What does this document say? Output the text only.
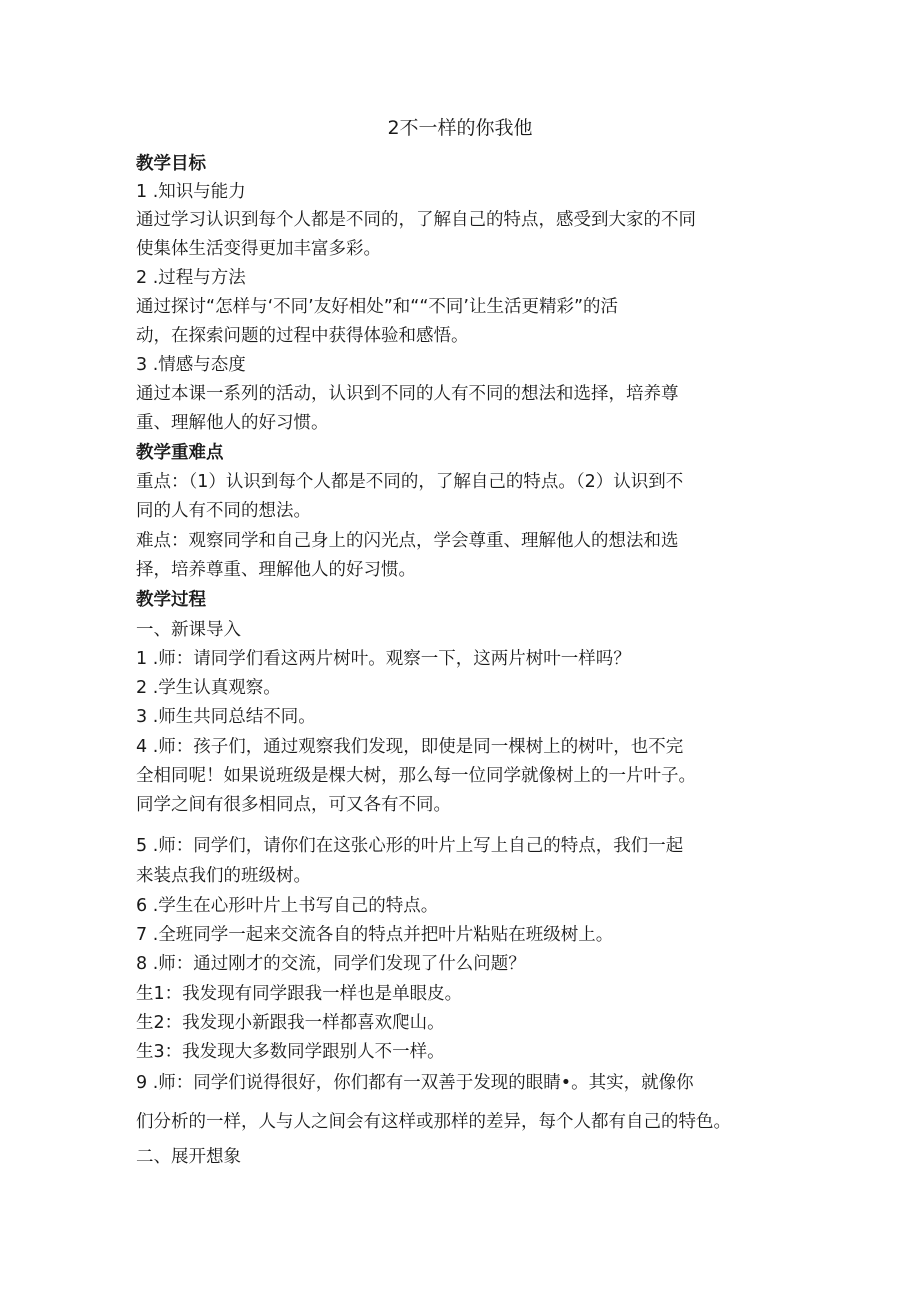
2不一样的你我他
教学目标
1 .知识与能力
通过学习认识到每个人都是不同的，了解自己的特点，感受到大家的不同
使集体生活变得更加丰富多彩。
2 .过程与方法
通过探讨“怎样与‘不同’友好相处”和““不同’让生活更精彩”的活
动，在探索问题的过程中获得体验和感悟。
3 .情感与态度
通过本课一系列的活动，认识到不同的人有不同的想法和选择，培养尊
重、理解他人的好习惯。
教学重难点
重点：（1）认识到每个人都是不同的，了解自己的特点。（2）认识到不
同的人有不同的想法。
难点：观察同学和自己身上的闪光点，学会尊重、理解他人的想法和选
择，培养尊重、理解他人的好习惯。
教学过程
一、新课导入
1 .师：请同学们看这两片树叶。观察一下，这两片树叶一样吗？
2 .学生认真观察。
3 .师生共同总结不同。
4 .师：孩子们，通过观察我们发现，即使是同一棵树上的树叶，也不完
全相同呢！如果说班级是棵大树，那么每一位同学就像树上的一片叶子。
同学之间有很多相同点，可又各有不同。
5 .师：同学们，请你们在这张心形的叶片上写上自己的特点，我们一起
来装点我们的班级树。
6 .学生在心形叶片上书写自己的特点。
7 .全班同学一起来交流各自的特点并把叶片粘贴在班级树上。
8 .师：通过刚才的交流，同学们发现了什么问题？
生1：我发现有同学跟我一样也是单眼皮。
生2：我发现小新跟我一样都喜欢爬山。
生3：我发现大多数同学跟别人不一样。
9 .师：同学们说得很好，你们都有一双善于发现的眼睛•。其实，就像你
们分析的一样，人与人之间会有这样或那样的差异，每个人都有自己的特色。
二、展开想象
